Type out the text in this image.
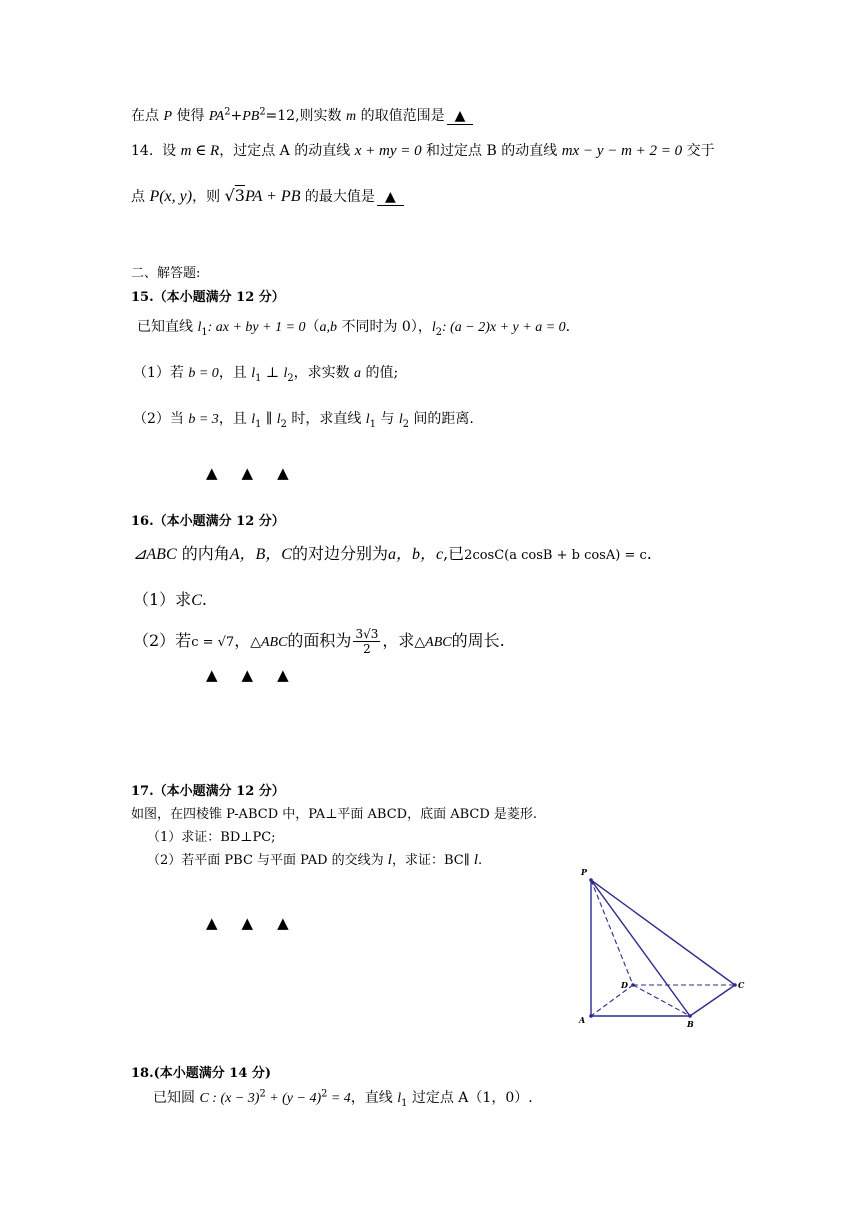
在点 P 使得 $PA^2+PB^2=12$,则实数 m 的取值范围是 ▲
14. 设 m ∈ R，过定点 A 的动直线 x + my = 0 和过定点 B 的动直线 mx − y − m + 2 = 0 交于
点 P(x, y)，则 √3PA + PB 的最大值是 ▲
二、解答题:
15.（本小题满分 12 分）
已知直线 $l_1$: ax + by + 1 = 0（a,b 不同时为 0），$l_2$: (a − 2)x + y + a = 0.
（1）若 b = 0，且 $l_1$ ⊥ $l_2$，求实数 a 的值;
（2）当 b = 3，且 $l_1$ ∥ $l_2$ 时，求直线 $l_1$ 与 $l_2$ 间的距离.
▲▲▲
16.（本小题满分 12 分）
⊿ABC 的内角A，B，C的对边分别为a，b，c,已2cosC(a cosB + b cosA) = c.
（1）求C.
（2）若c = √7，△ABC的面积为 $\frac{3√3}{2}$ ，求△ABC的周长.
▲▲▲
17.（本小题满分 12 分）
如图，在四棱锥 P-ABCD 中，PA⊥平面 ABCD，底面 ABCD 是菱形.
（1）求证：BD⊥PC;
（2）若平面 PBC 与平面 PAD 的交线为 l，求证：BC∥ l.
▲▲▲
P
D	C
A	B
18.(本小题满分 14 分)
已知圆 C : $(x - 3)^2 + (y - 4)^2 = 4$，直线 $l_1$ 过定点 A（1，0）.
